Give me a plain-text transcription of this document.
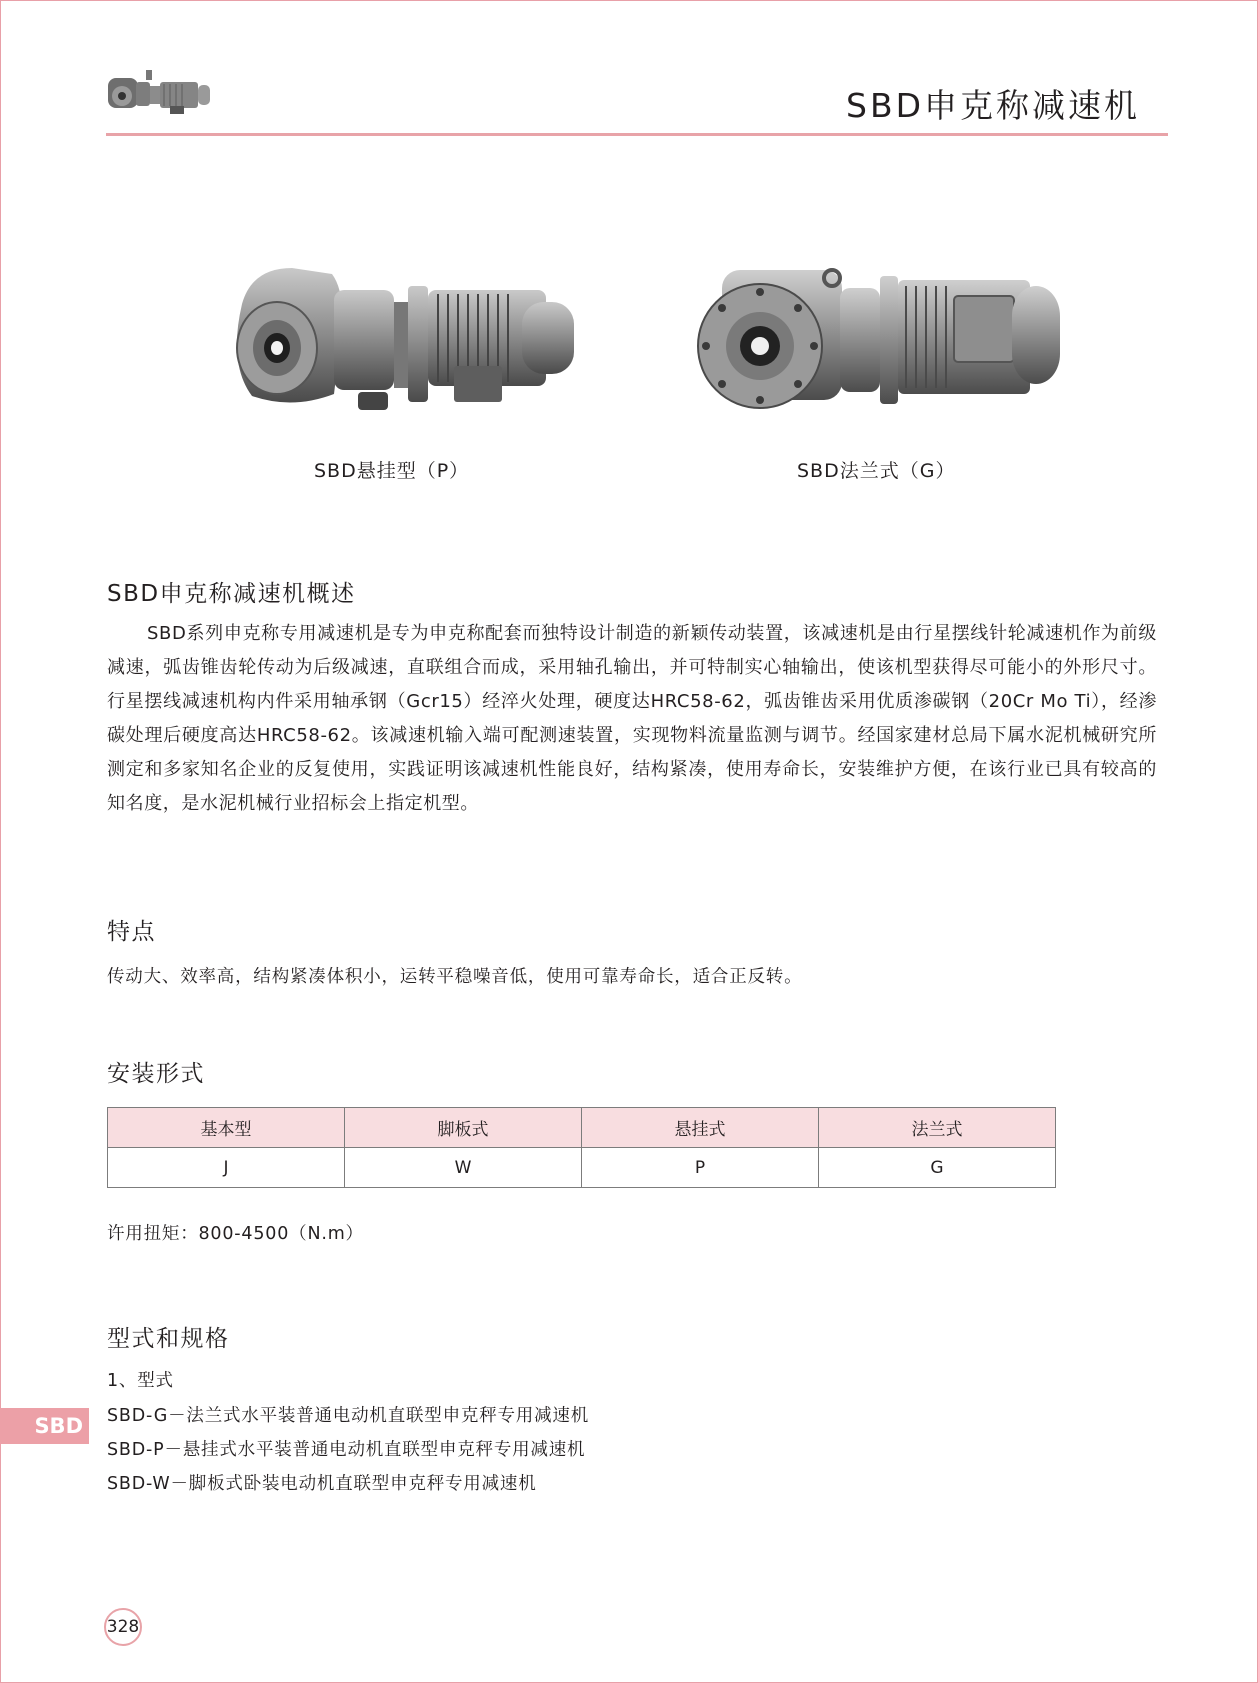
SBD申克称减速机
SBD悬挂型（P）	SBD法兰式（G）
SBD申克称减速机概述
SBD系列申克称专用减速机是专为申克称配套而独特设计制造的新颖传动装置，该减速机是由行星摆线针轮减速机作为前级减速，弧齿锥齿轮传动为后级减速，直联组合而成，采用轴孔输出，并可特制实心轴输出，使该机型获得尽可能小的外形尺寸。行星摆线减速机构内件采用轴承钢（Gcr15）经淬火处理，硬度达HRC58-62，弧齿锥齿采用优质渗碳钢（20Cr Mo Ti），经渗碳处理后硬度高达HRC58-62。该减速机输入端可配测速装置，实现物料流量监测与调节。经国家建材总局下属水泥机械研究所测定和多家知名企业的反复使用，实践证明该减速机性能良好，结构紧凑，使用寿命长，安装维护方便，在该行业已具有较高的知名度，是水泥机械行业招标会上指定机型。
特点
传动大、效率高，结构紧凑体积小，运转平稳噪音低，使用可靠寿命长，适合正反转。
安装形式
基本型	脚板式	悬挂式	法兰式
J	W	P	G
许用扭矩：800-4500（N.m）
型式和规格
1、型式
SBD-G－法兰式水平装普通电动机直联型申克秤专用减速机
SBD-P－悬挂式水平装普通电动机直联型申克秤专用减速机
SBD-W－脚板式卧装电动机直联型申克秤专用减速机
SBD
328
